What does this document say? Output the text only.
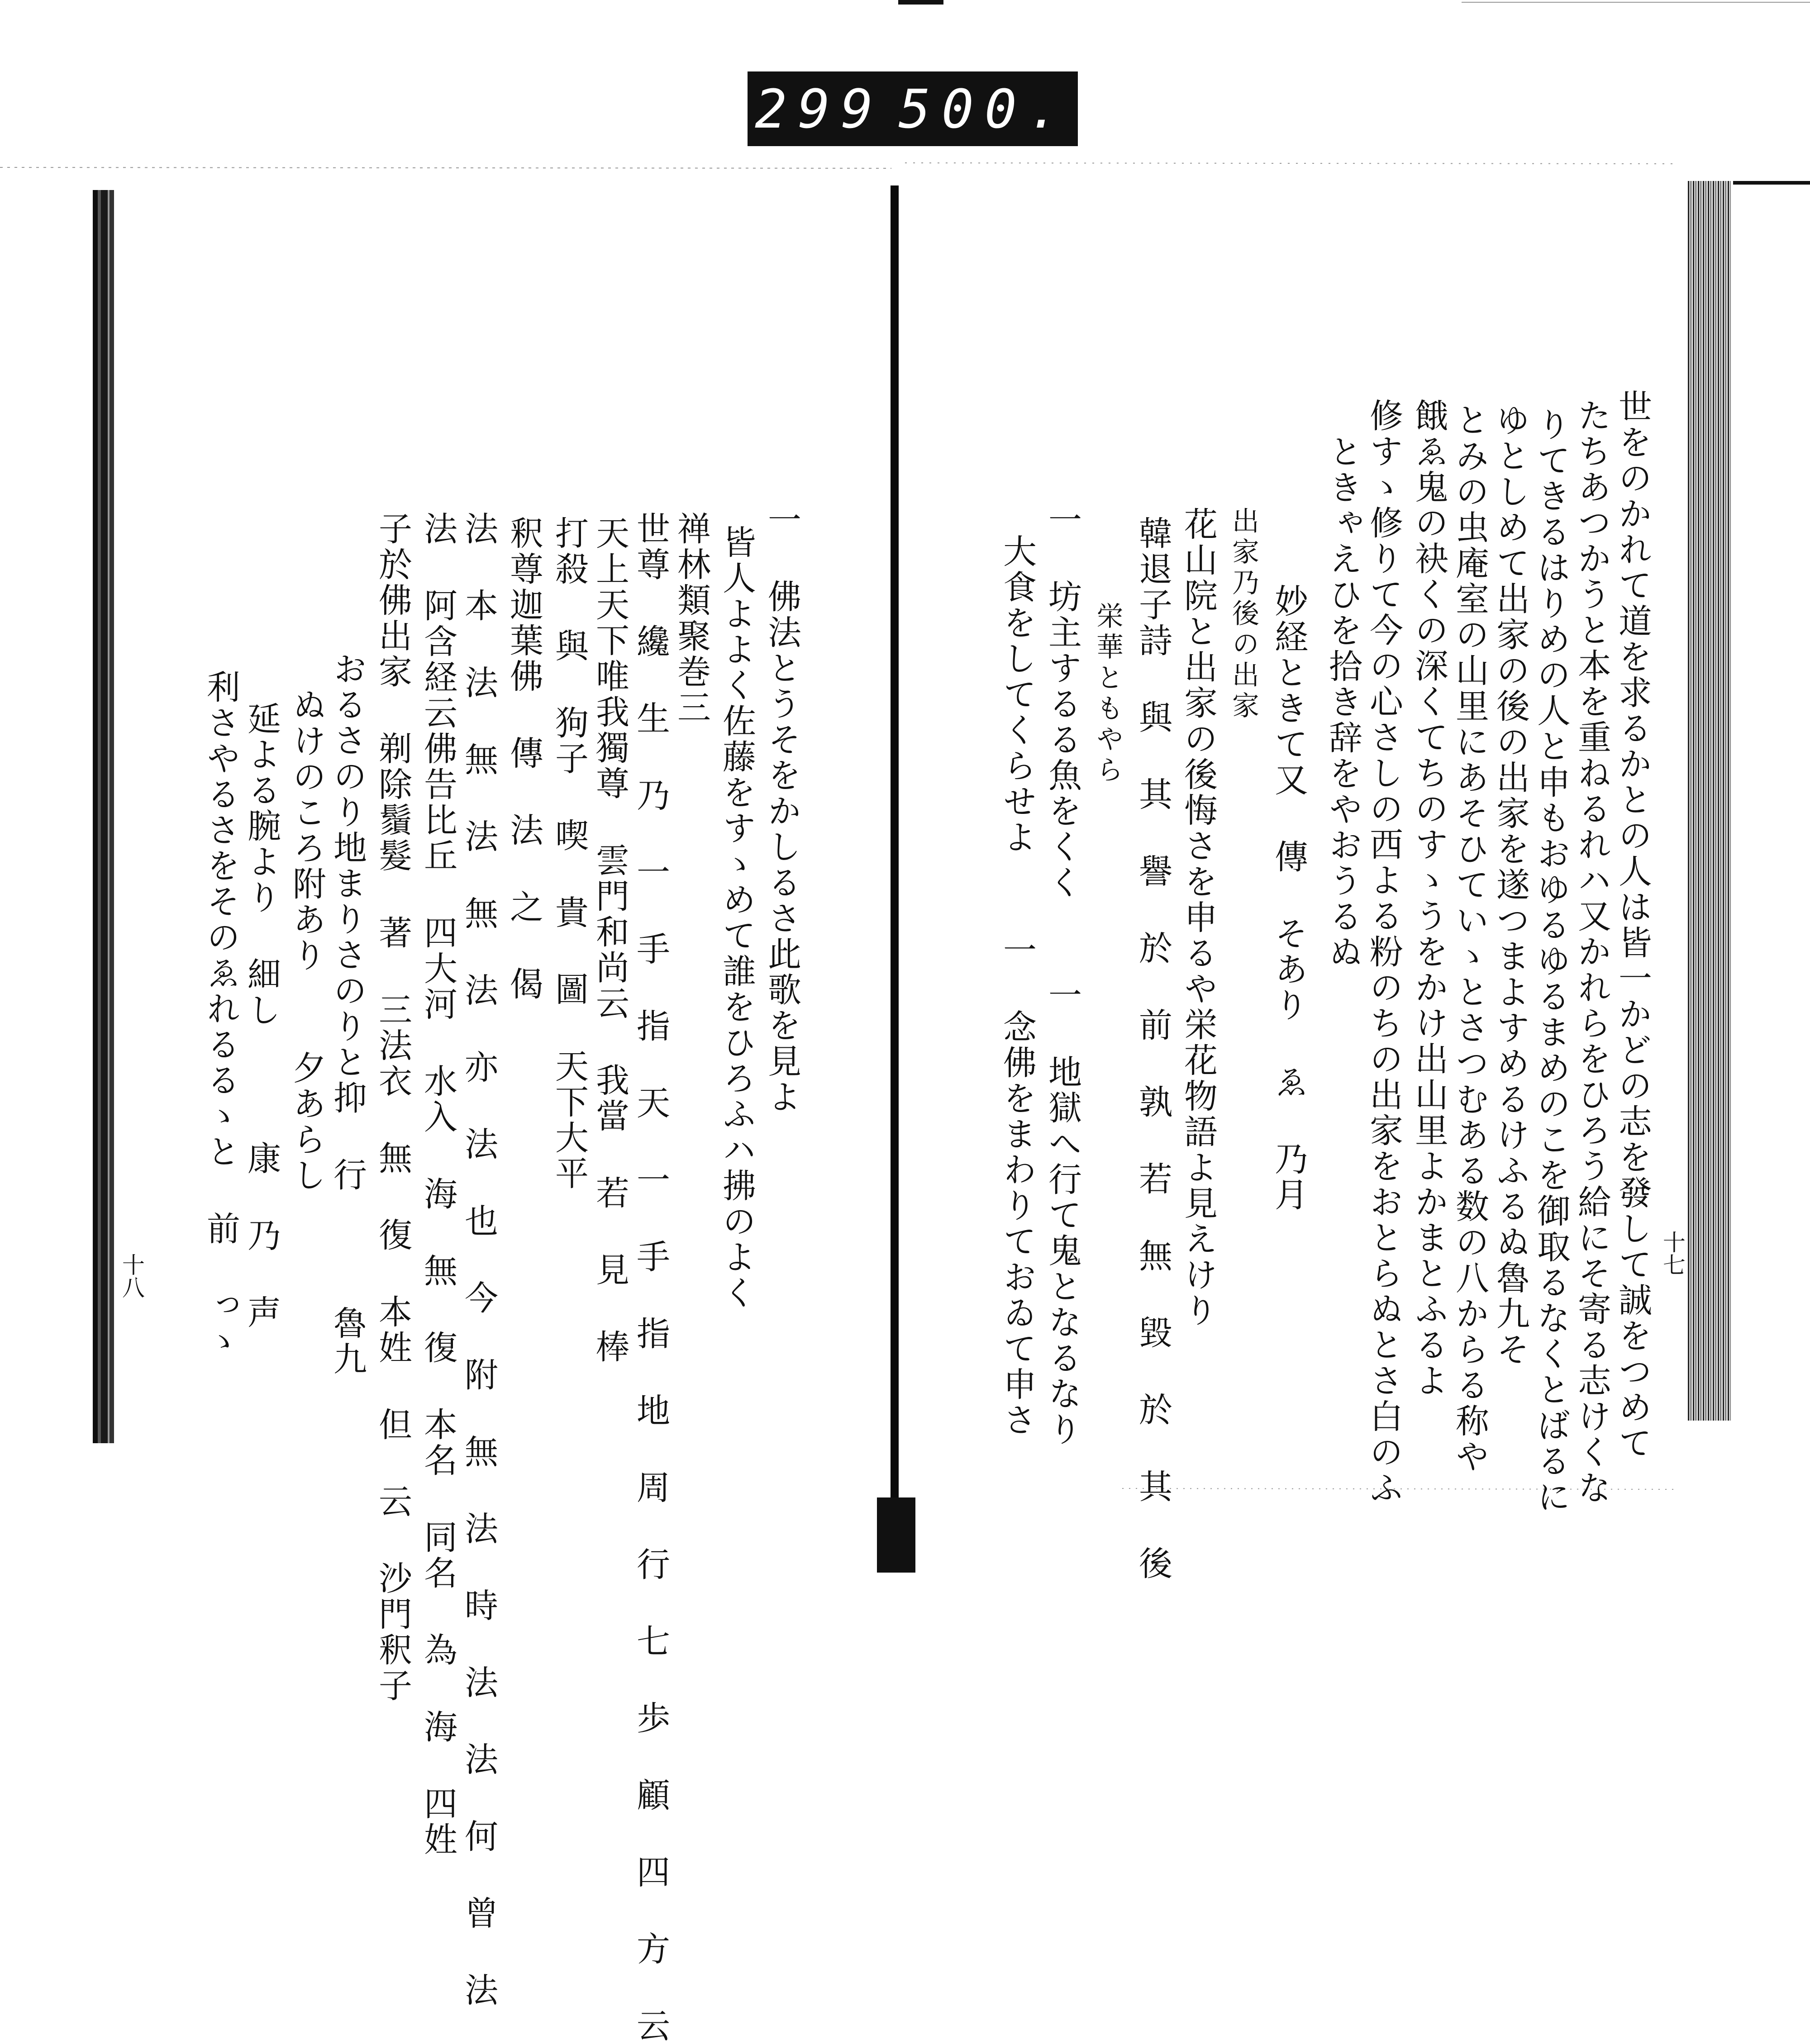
299 500.
十七
世をのかれて道を求るかとの人は皆一かどの志を發して誠をつめて
たちあつかうと本を重ねるれハ又かれらをひろう給にそ寄る志けくな
りてきるはりめの人と申もおゆるゆるまめのこを御取るなくとばるに
ゆとしめて出家の後の出家を遂つまよすめるけふるぬ魯九そ
とみの虫庵室の山里にあそひていゝとさつむある数の八からる称や
餓ゑ鬼の袂くの深くてちのすゝうをかけ出山里よかまとふるよ
修すゝ修りて今の心さしの西よる粉のちの出家をおとらぬとさ白のふ
ときゃえひを拾き辞をやおうるぬ
妙経ときて又 傳 そあり ゑ 乃月
出家乃後の出家
花山院と出家の後悔さを申るや栄花物語よ見えけり
韓退子詩 與 其 譽 於 前 孰 若 無 毀 於 其 後
栄華ともやら
一 坊主するる魚をくく　 一 地獄へ行て鬼となるなり
大食をしてくらせよ　 一 念佛をまわりておゐて申さ
十八
一 佛法とうそをかしるさ此歌を見よ
皆人よよく佐藤をすゝめて誰をひろふハ拂のよく
禅林類聚巻三
世尊 纔 生 乃 一 手 指 天 一 手 指 地 周 行 七 歩 顧 四 方 云
天上天下唯我獨尊 雲門和尚云 我當 若 見 棒
打殺 與 狗子 喫 貴 圖 天下大平
釈尊迦葉佛 傳 法 之 偈
法 本 法 無 法 無 法 亦 法 也 今 附 無 法 時 法 法 何 曾 法
法 阿含経云佛告比丘 四大河 水入 海 無 復 本名 同名 為 海 四姓
子於佛出家 剃除鬚髮 著 三法衣 無 復 本姓 但 云 沙門釈子
おるさのり地まりさのりと抑 行　　 魯九
ぬけのころ附あり　 夕あらし
延よる腕より 細し　　 康 乃 声
利さやるさをそのゑれるるゝと 前 っゝ
